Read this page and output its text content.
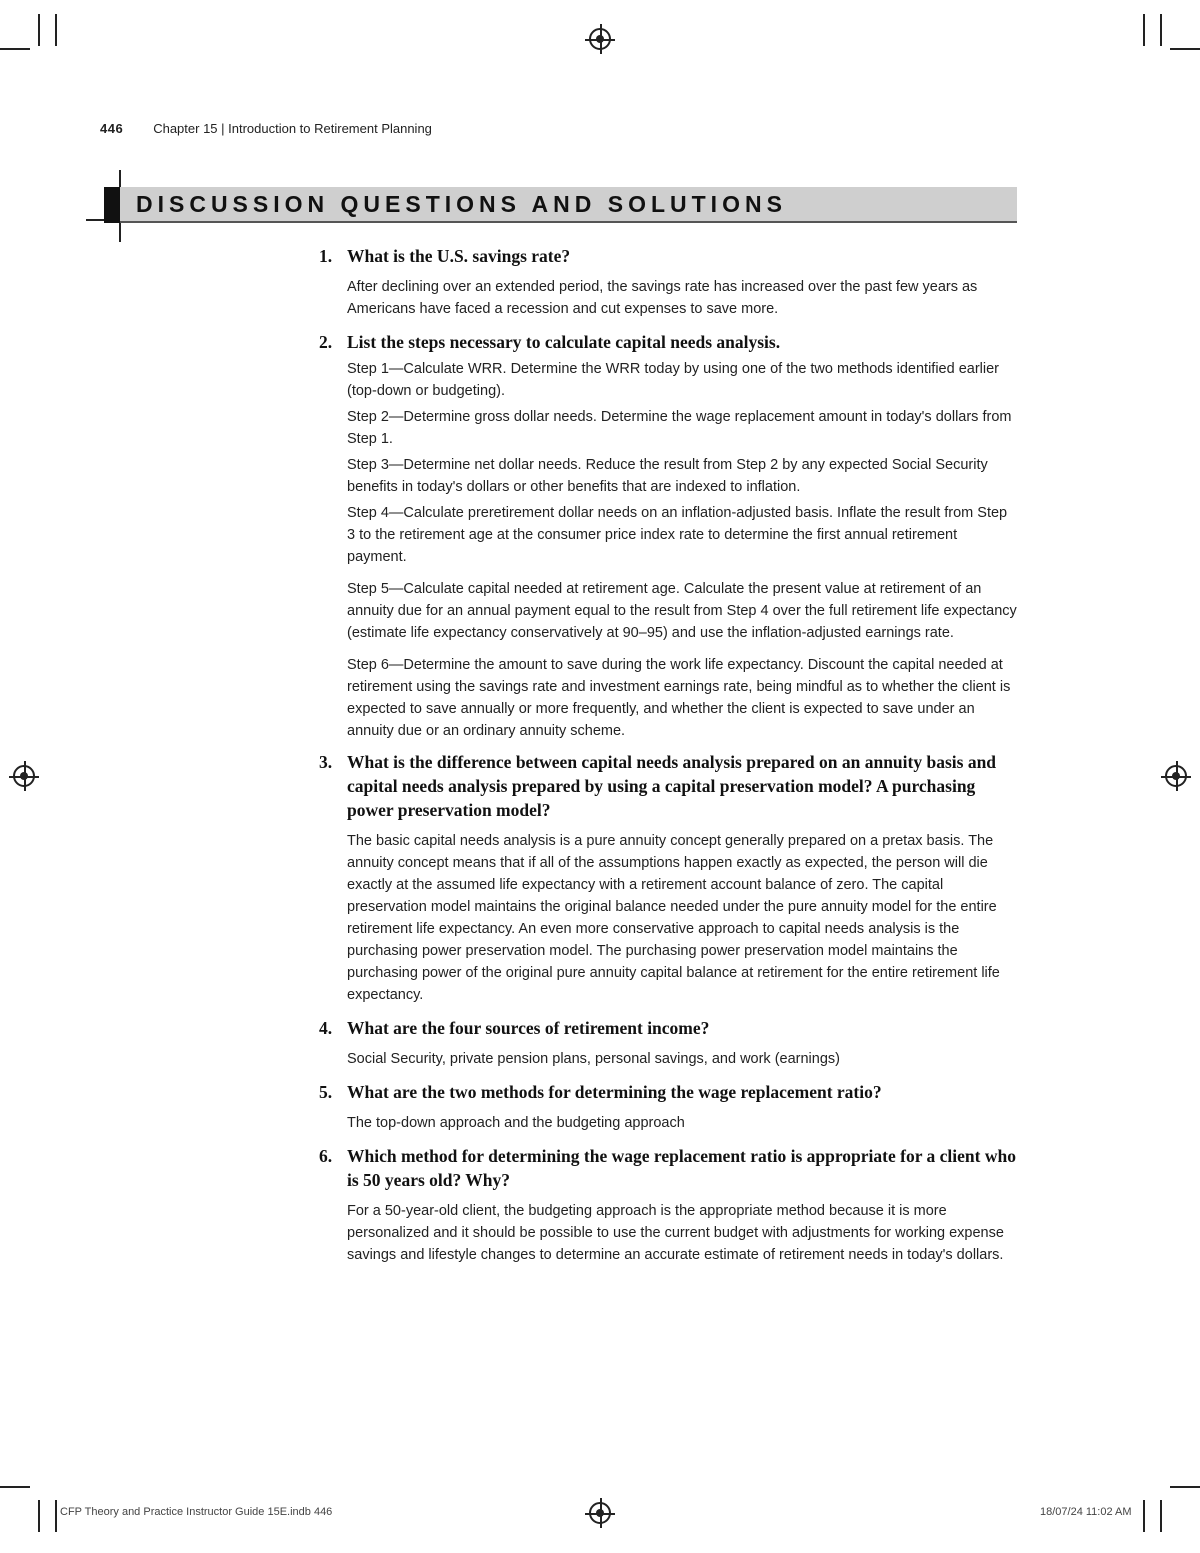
446 Chapter 15 | Introduction to Retirement Planning
DISCUSSION QUESTIONS AND SOLUTIONS
1. What is the U.S. savings rate?
After declining over an extended period, the savings rate has increased over the past few years as Americans have faced a recession and cut expenses to save more.
2. List the steps necessary to calculate capital needs analysis.
Step 1—Calculate WRR. Determine the WRR today by using one of the two methods identified earlier (top-down or budgeting).
Step 2—Determine gross dollar needs. Determine the wage replacement amount in today's dollars from Step 1.
Step 3—Determine net dollar needs. Reduce the result from Step 2 by any expected Social Security benefits in today's dollars or other benefits that are indexed to inflation.
Step 4—Calculate preretirement dollar needs on an inflation-adjusted basis. Inflate the result from Step 3 to the retirement age at the consumer price index rate to determine the first annual retirement payment.
Step 5—Calculate capital needed at retirement age. Calculate the present value at retirement of an annuity due for an annual payment equal to the result from Step 4 over the full retirement life expectancy (estimate life expectancy conservatively at 90–95) and use the inflation-adjusted earnings rate.
Step 6—Determine the amount to save during the work life expectancy. Discount the capital needed at retirement using the savings rate and investment earnings rate, being mindful as to whether the client is expected to save annually or more frequently, and whether the client is expected to save under an annuity due or an ordinary annuity scheme.
3. What is the difference between capital needs analysis prepared on an annuity basis and capital needs analysis prepared by using a capital preservation model? A purchasing power preservation model?
The basic capital needs analysis is a pure annuity concept generally prepared on a pretax basis. The annuity concept means that if all of the assumptions happen exactly as expected, the person will die exactly at the assumed life expectancy with a retirement account balance of zero. The capital preservation model maintains the original balance needed under the pure annuity model for the entire retirement life expectancy. An even more conservative approach to capital needs analysis is the purchasing power preservation model. The purchasing power preservation model maintains the purchasing power of the original pure annuity capital balance at retirement for the entire retirement life expectancy.
4. What are the four sources of retirement income?
Social Security, private pension plans, personal savings, and work (earnings)
5. What are the two methods for determining the wage replacement ratio?
The top-down approach and the budgeting approach
6. Which method for determining the wage replacement ratio is appropriate for a client who is 50 years old? Why?
For a 50-year-old client, the budgeting approach is the appropriate method because it is more personalized and it should be possible to use the current budget with adjustments for working expense savings and lifestyle changes to determine an accurate estimate of retirement needs in today's dollars.
CFP Theory and Practice Instructor Guide 15E.indb 446	18/07/24 11:02 AM
